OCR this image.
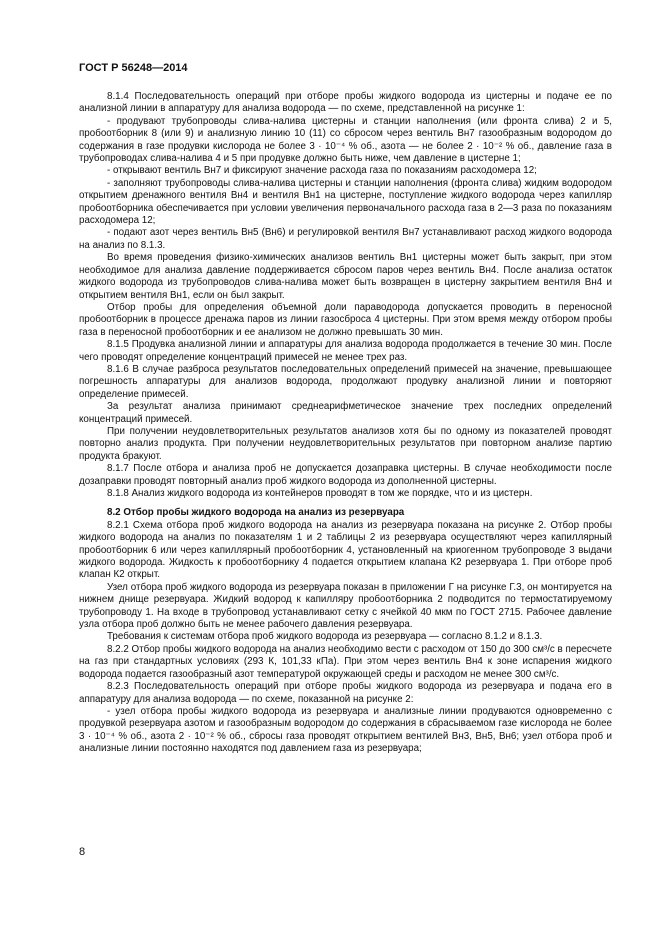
ГОСТ Р 56248—2014

8.1.4 Последовательность операций при отборе пробы жидкого водорода из цистерны и подаче ее по анализной линии в аппаратуру для анализа водорода — по схеме, представленной на рисунке 1:

- продувают трубопроводы слива-налива цистерны и станции наполнения (или фронта слива) 2 и 5, пробоотборник 8 (или 9) и анализную линию 10 (11) со сбросом через вентиль Вн7 газообразным водородом до содержания в газе продувки кислорода не более 3 · 10⁻⁴ % об., азота — не более 2 · 10⁻² % об., давление газа в трубопроводах слива-налива 4 и 5 при продувке должно быть ниже, чем давление в цистерне 1;

- открывают вентиль Вн7 и фиксируют значение расхода газа по показаниям расходомера 12;

- заполняют трубопроводы слива-налива цистерны и станции наполнения (фронта слива) жидким водородом открытием дренажного вентиля Вн4 и вентиля Вн1 на цистерне, поступление жидкого водорода через капилляр пробоотборника обеспечивается при условии увеличения первоначального расхода газа в 2—3 раза по показаниям расходомера 12;

- подают азот через вентиль Вн5 (Вн6) и регулировкой вентиля Вн7 устанавливают расход жидкого водорода на анализ по 8.1.3.

Во время проведения физико-химических анализов вентиль Вн1 цистерны может быть закрыт, при этом необходимое для анализа давление поддерживается сбросом паров через вентиль Вн4. После анализа остаток жидкого водорода из трубопроводов слива-налива может быть возвращен в цистерну закрытием вентиля Вн4 и открытием вентиля Вн1, если он был закрыт.

Отбор пробы для определения объемной доли параводорода допускается проводить в переносной пробоотборник в процессе дренажа паров из линии газосброса 4 цистерны. При этом время между отбором пробы газа в переносной пробоотборник и ее анализом не должно превышать 30 мин.

8.1.5 Продувка анализной линии и аппаратуры для анализа водорода продолжается в течение 30 мин. После чего проводят определение концентраций примесей не менее трех раз.

8.1.6 В случае разброса результатов последовательных определений примесей на значение, превышающее погрешность аппаратуры для анализов водорода, продолжают продувку анализной линии и повторяют определение примесей.

За результат анализа принимают среднеарифметическое значение трех последних определений концентраций примесей.

При получении неудовлетворительных результатов анализов хотя бы по одному из показателей проводят повторно анализ продукта. При получении неудовлетворительных результатов при повторном анализе партию продукта бракуют.

8.1.7 После отбора и анализа проб не допускается дозаправка цистерны. В случае необходимости после дозаправки проводят повторный анализ проб жидкого водорода из дополненной цистерны.

8.1.8 Анализ жидкого водорода из контейнеров проводят в том же порядке, что и из цистерн.

8.2 Отбор пробы жидкого водорода на анализ из резервуара

8.2.1 Схема отбора проб жидкого водорода на анализ из резервуара показана на рисунке 2. Отбор пробы жидкого водорода на анализ по показателям 1 и 2 таблицы 2 из резервуара осуществляют через капиллярный пробоотборник 6 или через капиллярный пробоотборник 4, установленный на криогенном трубопроводе 3 выдачи жидкого водорода. Жидкость к пробоотборнику 4 подается открытием клапана К2 резервуара 1. При отборе проб клапан К2 открыт.

Узел отбора проб жидкого водорода из резервуара показан в приложении Г на рисунке Г.3, он монтируется на нижнем днище резервуара. Жидкий водород к капилляру пробоотборника 2 подводится по термостатируемому трубопроводу 1. На входе в трубопровод устанавливают сетку с ячейкой 40 мкм по ГОСТ 2715. Рабочее давление узла отбора проб должно быть не менее рабочего давления резервуара.

Требования к системам отбора проб жидкого водорода из резервуара — согласно 8.1.2 и 8.1.3.

8.2.2 Отбор пробы жидкого водорода на анализ необходимо вести с расходом от 150 до 300 см³/с в пересчете на газ при стандартных условиях (293 К, 101,33 кПа). При этом через вентиль Вн4 к зоне испарения жидкого водорода подается газообразный азот температурой окружающей среды и расходом не менее 300 см³/с.

8.2.3 Последовательность операций при отборе пробы жидкого водорода из резервуара и подача его в аппаратуру для анализа водорода — по схеме, показанной на рисунке 2:

- узел отбора пробы жидкого водорода из резервуара и анализные линии продуваются одновременно с продувкой резервуара азотом и газообразным водородом до содержания в сбрасываемом газе кислорода не более 3 · 10⁻⁴ % об., азота 2 · 10⁻² % об., сбросы газа проводят открытием вентилей Вн3, Вн5, Вн6; узел отбора проб и анализные линии постоянно находятся под давлением газа из резервуара;

8
